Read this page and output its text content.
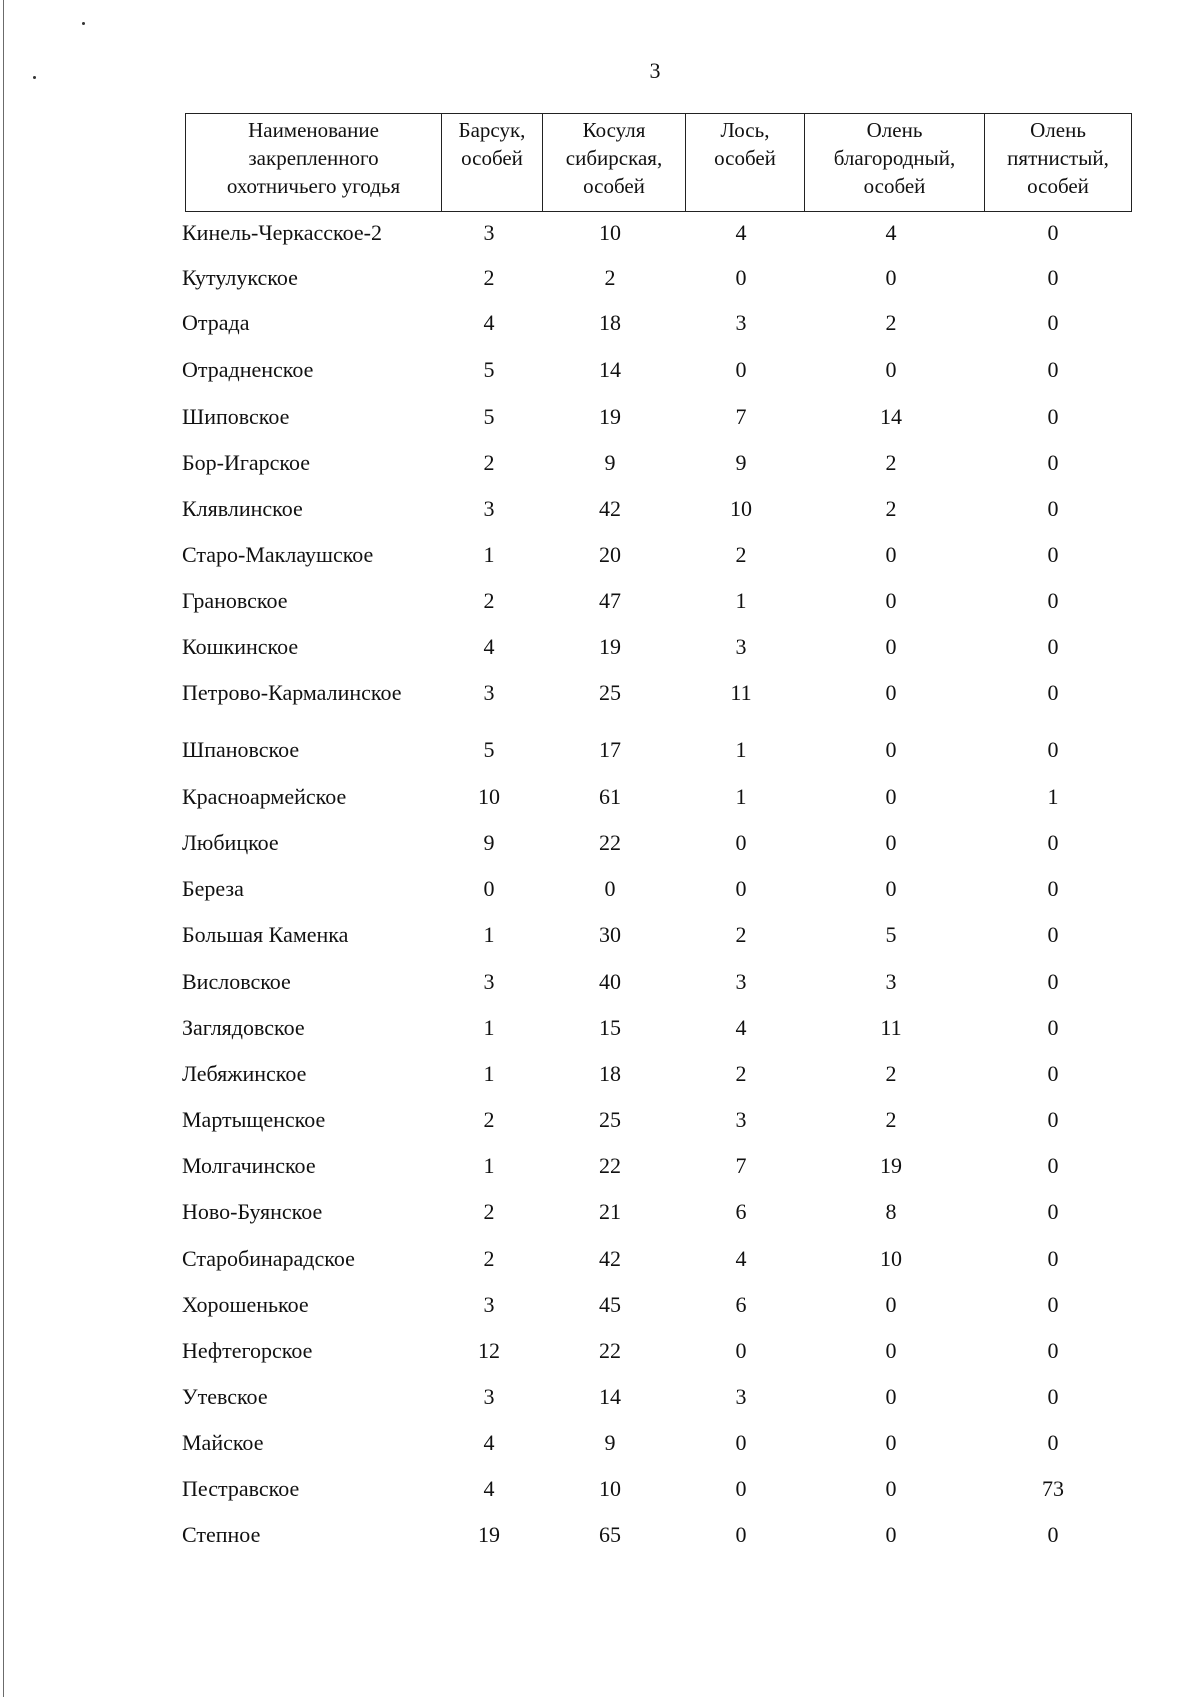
3
Наименование
закрепленного
охотничьего угодья

Барсук,
особей

Косуля
сибирская,
особей

Лось,
особей

Олень
благородный,
особей

Олень
пятнистый,
особей
Кинель-Черкасское-2	3	10	4	4	0
Кутулукское	2	2	0	0	0
Отрада	4	18	3	2	0
Отрадненское	5	14	0	0	0
Шиповское	5	19	7	14	0
Бор-Игарское	2	9	9	2	0
Клявлинское	3	42	10	2	0
Старо-Маклаушское	1	20	2	0	0
Грановское	2	47	1	0	0
Кошкинское	4	19	3	0	0
Петрово-Кармалинское	3	25	11	0	0
Шпановское	5	17	1	0	0
Красноармейское	10	61	1	0	1
Любицкое	9	22	0	0	0
Береза	0	0	0	0	0
Большая Каменка	1	30	2	5	0
Висловское	3	40	3	3	0
Заглядовское	1	15	4	11	0
Лебяжинское	1	18	2	2	0
Мартыщенское	2	25	3	2	0
Молгачинское	1	22	7	19	0
Ново-Буянское	2	21	6	8	0
Старобинарадское	2	42	4	10	0
Хорошенькое	3	45	6	0	0
Нефтегорское	12	22	0	0	0
Утевское	3	14	3	0	0
Майское	4	9	0	0	0
Пестравское	4	10	0	0	73
Степное	19	65	0	0	0
